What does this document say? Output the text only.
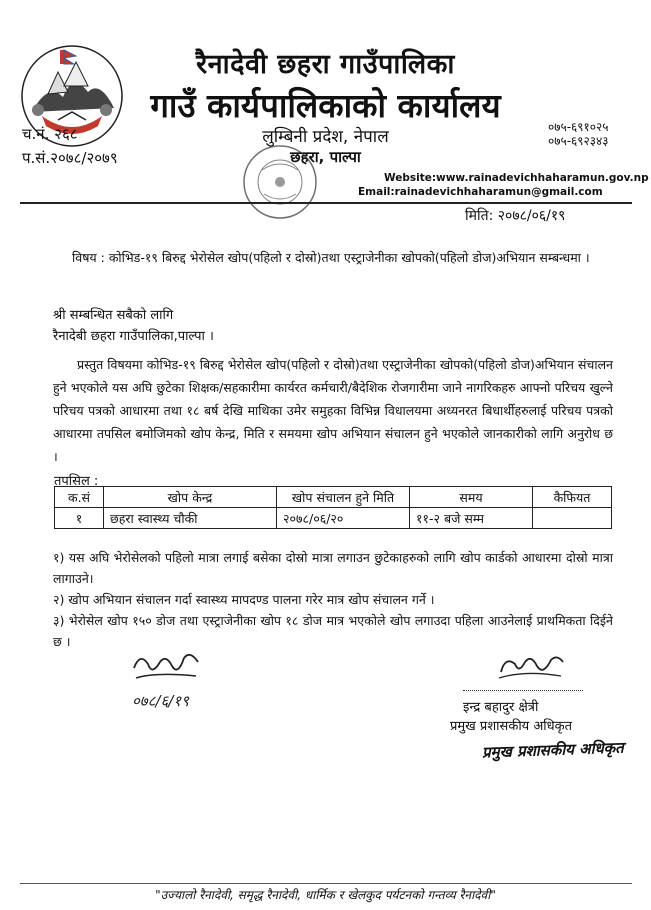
रैनादेवी छहरा गाउँपालिका
गाउँ कार्यपालिकाको कार्यालय
०७५-६९१०२५
०७५-६९२३४३
लुम्बिनी प्रदेश, नेपाल
छहरा, पाल्पा
च.नं. २६८
प.सं.२०७८/२०७९
Website:www.rainadevichhaharamun.gov.np
Email:rainadevichhaharamun@gmail.com
मिति: २०७८/०६/१९
विषय : कोभिड-१९ बिरुद्द भेरोसेल खोप(पहिलो र दोस्रो)तथा एस्ट्राजेनीका खोपको(पहिलो डोज)अभियान सम्बन्धमा ।
श्री सम्बन्धित सबैको लागि
रैनादेबी छहरा गाउँपालिका,पाल्पा ।
प्रस्तुत विषयमा कोभिड-१९ बिरुद्द भेरोसेल खोप(पहिलो र दोस्रो)तथा एस्ट्राजेनीका खोपको(पहिलो डोज)अभियान संचालन हुने भएकोले यस अघि छुटेका शिक्षक/सहकारीमा कार्यरत कर्मचारी/बैदेशिक रोजगारीमा जाने नागरिकहरु आफ्नो परिचय खुल्ने परिचय पत्रको आधारमा तथा १८ बर्ष देखि माथिका उमेर समुहका विभिन्न विधालयमा अध्यनरत बिधार्थीहरुलाई परिचय पत्रको आधारमा तपसिल बमोजिमको खोप केन्द्र, मिति र समयमा खोप अभियान संचालन हुने भएकोले जानकारीको लागि अनुरोध छ ।
तपसिल :
क.सं	खोप केन्द्र	खोप संचालन हुने मिति	समय	कैफियत
१	छहरा स्वास्थ्य चौकी	२०७८/०६/२०	११-२ बजे सम्म	

१) यस अघि भेरोसेलको पहिलो मात्रा लगाई बसेका दोस्रो मात्रा लगाउन छुटेकाहरुको लागि खोप कार्डको आधारमा दोस्रो मात्रा लागाउने।

२) खोप अभियान संचालन गर्दा स्वास्थ्य मापदण्ड पालना गरेर मात्र खोप संचालन गर्ने ।

३) भेरोसेल खोप १५० डोज तथा एस्ट्राजेनीका खोप १८ डोज मात्र भएकोले खोप लगाउदा पहिला आउनेलाई प्राथमिकता दिईने छ ।

०७८/६/१९	इन्द्र बहादुर क्षेत्री
प्रमुख प्रशासकीय अधिकृत
प्रमुख प्रशासकीय अधिकृत
"उज्यालो रैनादेवी, समृद्ध रैनादेवी, धार्मिक र खेलकुद पर्यटनको गन्तव्य रैनादेवी"
